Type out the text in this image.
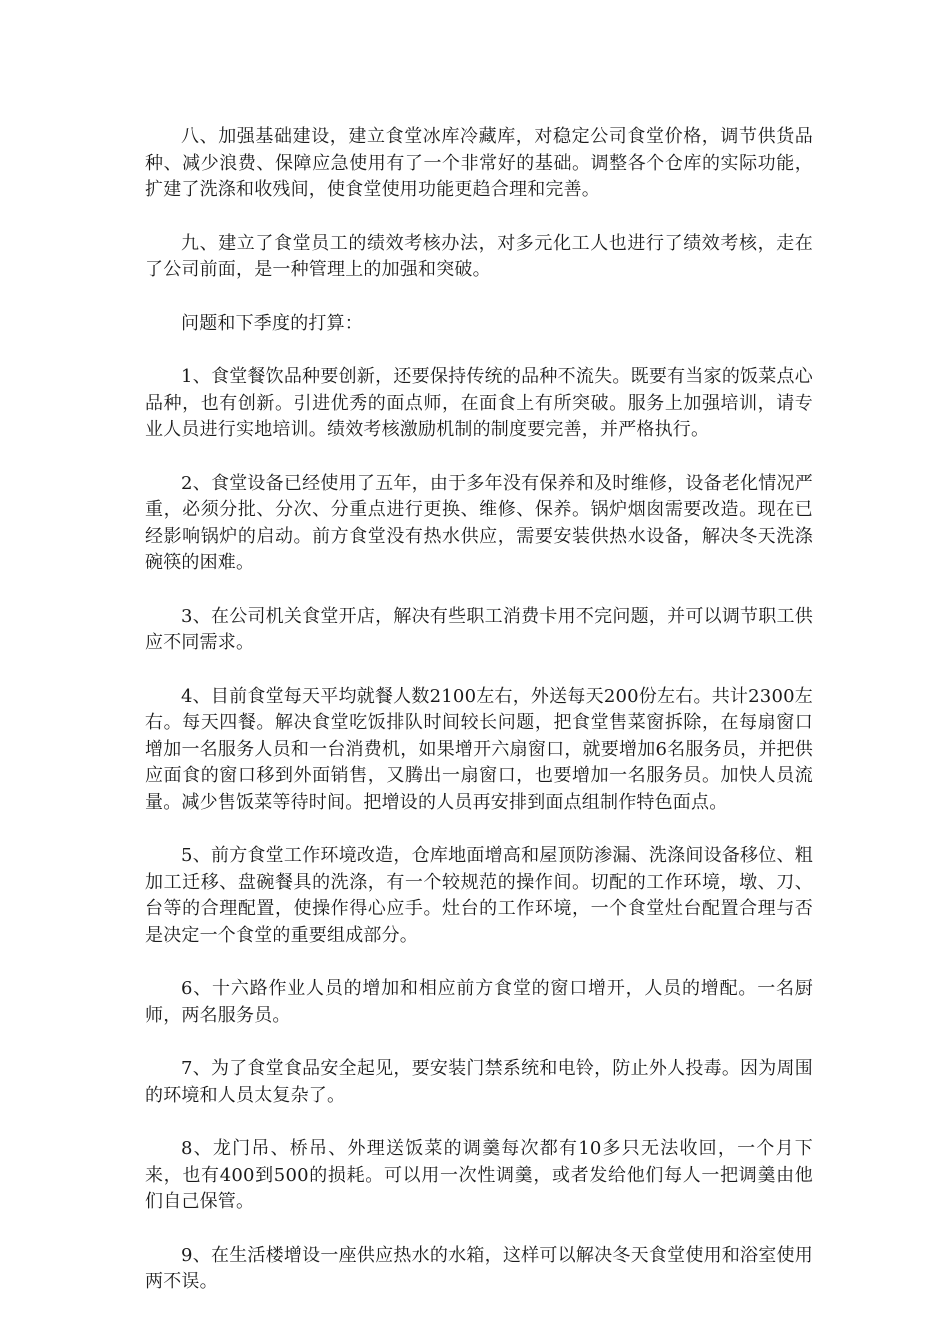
八、加强基础建设，建立食堂冰库冷藏库，对稳定公司食堂价格，调节供货品种、减少浪费、保障应急使用有了一个非常好的基础。调整各个仓库的实际功能，扩建了洗涤和收残间，使食堂使用功能更趋合理和完善。

九、建立了食堂员工的绩效考核办法，对多元化工人也进行了绩效考核，走在了公司前面，是一种管理上的加强和突破。

问题和下季度的打算：

1、食堂餐饮品种要创新，还要保持传统的品种不流失。既要有当家的饭菜点心品种，也有创新。引进优秀的面点师，在面食上有所突破。服务上加强培训，请专业人员进行实地培训。绩效考核激励机制的制度要完善，并严格执行。

2、食堂设备已经使用了五年，由于多年没有保养和及时维修，设备老化情况严重，必须分批、分次、分重点进行更换、维修、保养。锅炉烟囱需要改造。现在已经影响锅炉的启动。前方食堂没有热水供应，需要安装供热水设备，解决冬天洗涤碗筷的困难。

3、在公司机关食堂开店，解决有些职工消费卡用不完问题，并可以调节职工供应不同需求。

4、目前食堂每天平均就餐人数2100左右，外送每天200份左右。共计2300左右。每天四餐。解决食堂吃饭排队时间较长问题，把食堂售菜窗拆除，在每扇窗口增加一名服务人员和一台消费机，如果增开六扇窗口，就要增加6名服务员，并把供应面食的窗口移到外面销售，又腾出一扇窗口，也要增加一名服务员。加快人员流量。减少售饭菜等待时间。把增设的人员再安排到面点组制作特色面点。

5、前方食堂工作环境改造，仓库地面增高和屋顶防渗漏、洗涤间设备移位、粗加工迁移、盘碗餐具的洗涤，有一个较规范的操作间。切配的工作环境，墩、刀、台等的合理配置，使操作得心应手。灶台的工作环境，一个食堂灶台配置合理与否是决定一个食堂的重要组成部分。

6、十六路作业人员的增加和相应前方食堂的窗口增开，人员的增配。一名厨师，两名服务员。

7、为了食堂食品安全起见，要安装门禁系统和电铃，防止外人投毒。因为周围的环境和人员太复杂了。

8、龙门吊、桥吊、外理送饭菜的调羹每次都有10多只无法收回，一个月下来，也有400到500的损耗。可以用一次性调羹，或者发给他们每人一把调羹由他们自己保管。

9、在生活楼增设一座供应热水的水箱，这样可以解决冬天食堂使用和浴室使用两不误。
